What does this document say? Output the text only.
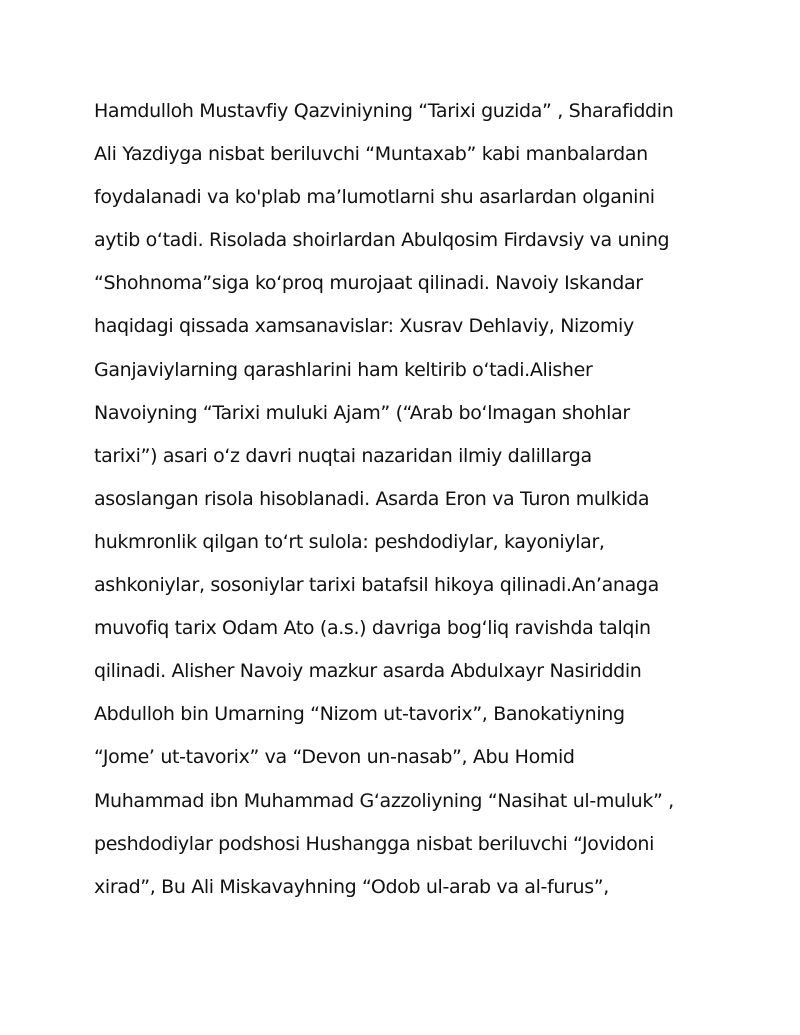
Hamdulloh Mustavfiy Qazviniyning “Tarixi guzida” , Sharafiddin
Ali Yazdiyga nisbat beriluvchi “Muntaxab” kabi manbalardan
foydalanadi va ko'plab ma’lumotlarni shu asarlardan olganini
aytib oʻtadi. Risolada shoirlardan Abulqosim Firdavsiy va uning
“Shohnoma”siga koʻproq murojaat qilinadi. Navoiy Iskandar
haqidagi qissada xamsanavislar: Xusrav Dehlaviy, Nizomiy
Ganjaviylarning qarashlarini ham keltirib oʻtadi.Alisher
Navoiyning “Tarixi muluki Ajam” (“Arab boʻlmagan shohlar
tarixi”) asari oʻz davri nuqtai nazaridan ilmiy dalillarga
asoslangan risola hisoblanadi. Asarda Eron va Turon mulkida
hukmronlik qilgan toʻrt sulola: peshdodiylar, kayoniylar,
ashkoniylar, sosoniylar tarixi batafsil hikoya qilinadi.An’anaga
muvofiq tarix Odam Ato (a.s.) davriga bogʻliq ravishda talqin
qilinadi. Alisher Navoiy mazkur asarda Abdulxayr Nasiriddin
Abdulloh bin Umarning “Nizom ut-tavorix”, Banokatiyning
“Jome’ ut-tavorix” va “Devon un-nasab”, Abu Homid
Muhammad ibn Muhammad Gʻazzoliyning “Nasihat ul-muluk” ,
peshdodiylar podshosi Hushangga nisbat beriluvchi “Jovidoni
xirad”, Bu Ali Miskavayhning “Odob ul-arab va al-furus”,
